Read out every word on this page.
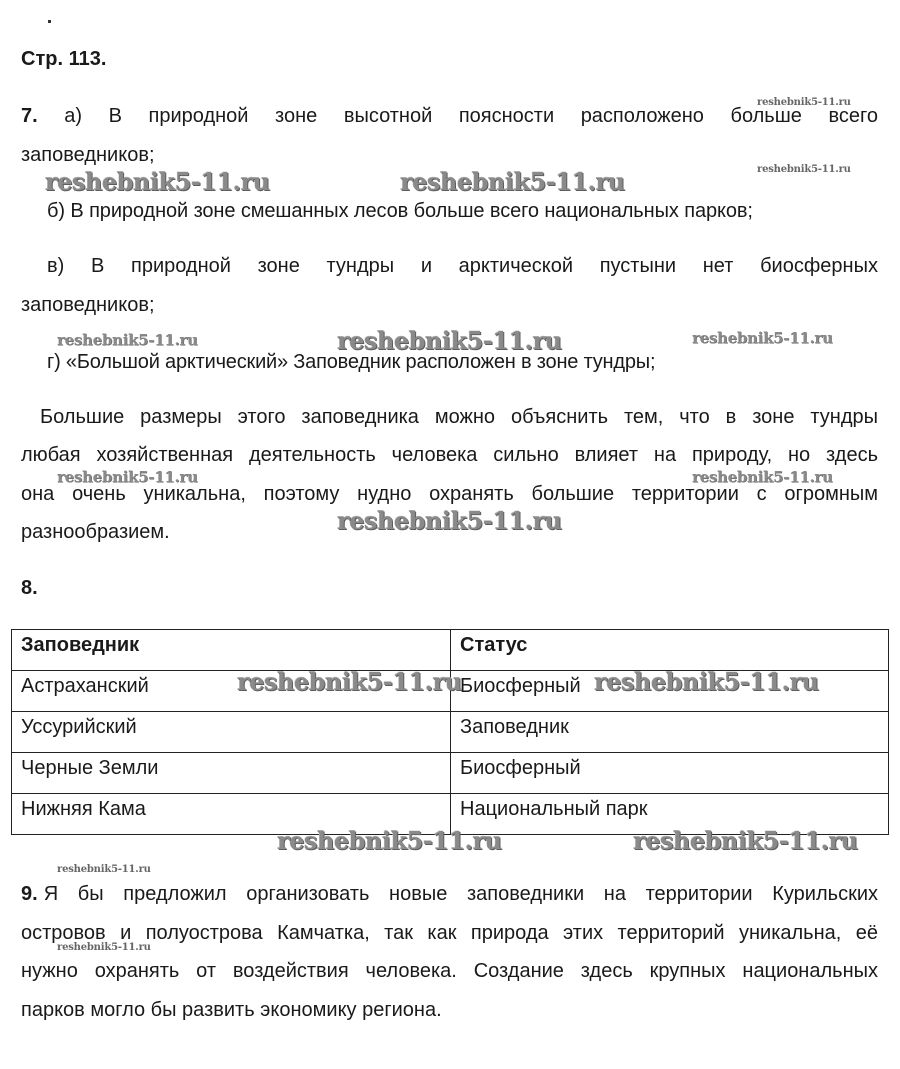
Стр. 113.
7. а) В природной зоне высотной поясности расположено больше всего
заповедников;
б) В природной зоне смешанных лесов больше всего национальных парков;
в) В природной зоне тундры и арктической пустыни нет биосферных
заповедников;
г) «Большой арктический» Заповедник расположен в зоне тундры;
Большие размеры этого заповедника можно объяснить тем, что в зоне тундры
любая хозяйственная деятельность человека сильно влияет на природу, но здесь
она очень уникальна, поэтому нудно охранять большие территории с огромным
разнообразием.
8.
Заповедник	Статус
Астраханский	Биосферный
Уссурийский	Заповедник
Черные Земли	Биосферный
Нижняя Кама	Национальный парк
9. Я бы предложил организовать новые заповедники на территории Курильских
островов и полуострова Камчатка, так как природа этих территорий уникальна, её
нужно охранять от воздействия человека. Создание здесь крупных национальных
парков могло бы развить экономику региона.
reshebnik5-11.ru
reshebnik5-11.ru
reshebnik5-11.ru	reshebnik5-11.ru
reshebnik5-11.ru	reshebnik5-11.ru	reshebnik5-11.ru
reshebnik5-11.ru	reshebnik5-11.ru
reshebnik5-11.ru
reshebnik5-11.ru	reshebnik5-11.ru
reshebnik5-11.ru	reshebnik5-11.ru
reshebnik5-11.ru
reshebnik5-11.ru
